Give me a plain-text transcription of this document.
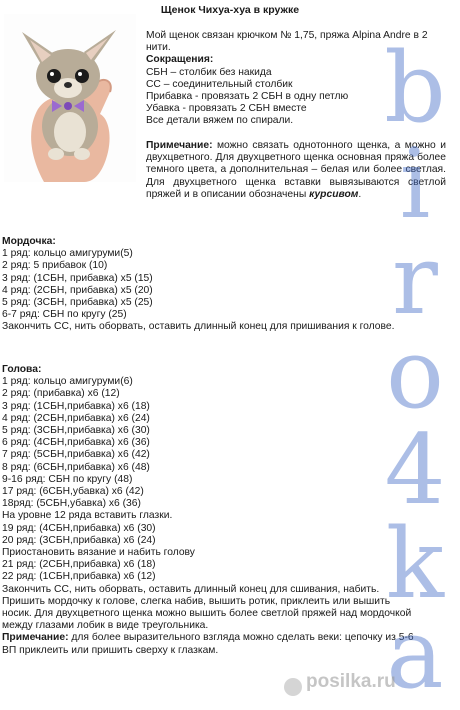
Щенок Чихуа-хуа в кружке
Мой щенок связан крючком № 1,75, пряжа Alpina Andre в 2 нити.
Сокращения:
СБН – столбик без накида
СС – соединительный столбик
Прибавка - провязать 2 СБН в одну петлю
Убавка - провязать 2 СБН вместе
Все детали вяжем по спирали.
Примечание: можно связать однотонного щенка, а можно и двухцветного. Для двухцветного щенка основная пряжа более темного цвета, а дополнительная – белая или более светлая. Для двухцветного щенка вставки вывязываются светлой пряжей и в описании обозначены курсивом.
Мордочка:
1 ряд: кольцо амигуруми(5)
2 ряд: 5 прибавок (10)
3 ряд: (1СБН, прибавка) х5 (15)
4 ряд: (2СБН, прибавка) х5 (20)
5 ряд: (3СБН, прибавка) х5 (25)
6-7 ряд: СБН по кругу (25)
Закончить СС, нить оборвать, оставить длинный конец для пришивания к голове.
Голова:
1 ряд: кольцо амигуруми(6)
2 ряд: (прибавка) х6 (12)
3 ряд: (1СБН,прибавка) х6 (18)
4 ряд: (2СБН,прибавка) х6 (24)
5 ряд: (3СБН,прибавка) х6 (30)
6 ряд: (4СБН,прибавка) х6 (36)
7 ряд: (5СБН,прибавка) х6 (42)
8 ряд: (6СБН,прибавка) х6 (48)
9-16 ряд: СБН по кругу (48)
17 ряд: (6СБН,убавка) х6 (42)
18ряд: (5СБН,убавка) х6 (36)
На уровне 12 ряда вставить глазки.
19 ряд: (4СБН,прибавка) х6 (30)
20 ряд: (3СБН,прибавка) х6 (24)
Приостановить вязание и набить голову
21 ряд: (2СБН,прибавка) х6 (18)
22 ряд: (1СБН,прибавка) х6 (12)
Закончить СС, нить оборвать, оставить длинный конец для сшивания, набить. Пришить мордочку к голове, слегка набив, вышить ротик, приклеить или вышить носик. Для двухцветного щенка можно вышить более светлой пряжей над мордочкой между глазами лобик в виде треугольника.
Примечание: для более выразительного взгляда можно сделать веки: цепочку из 5-6 ВП приклеить или пришить сверху к глазкам.
b
i
r
o
4
k
a
posilka.ru
